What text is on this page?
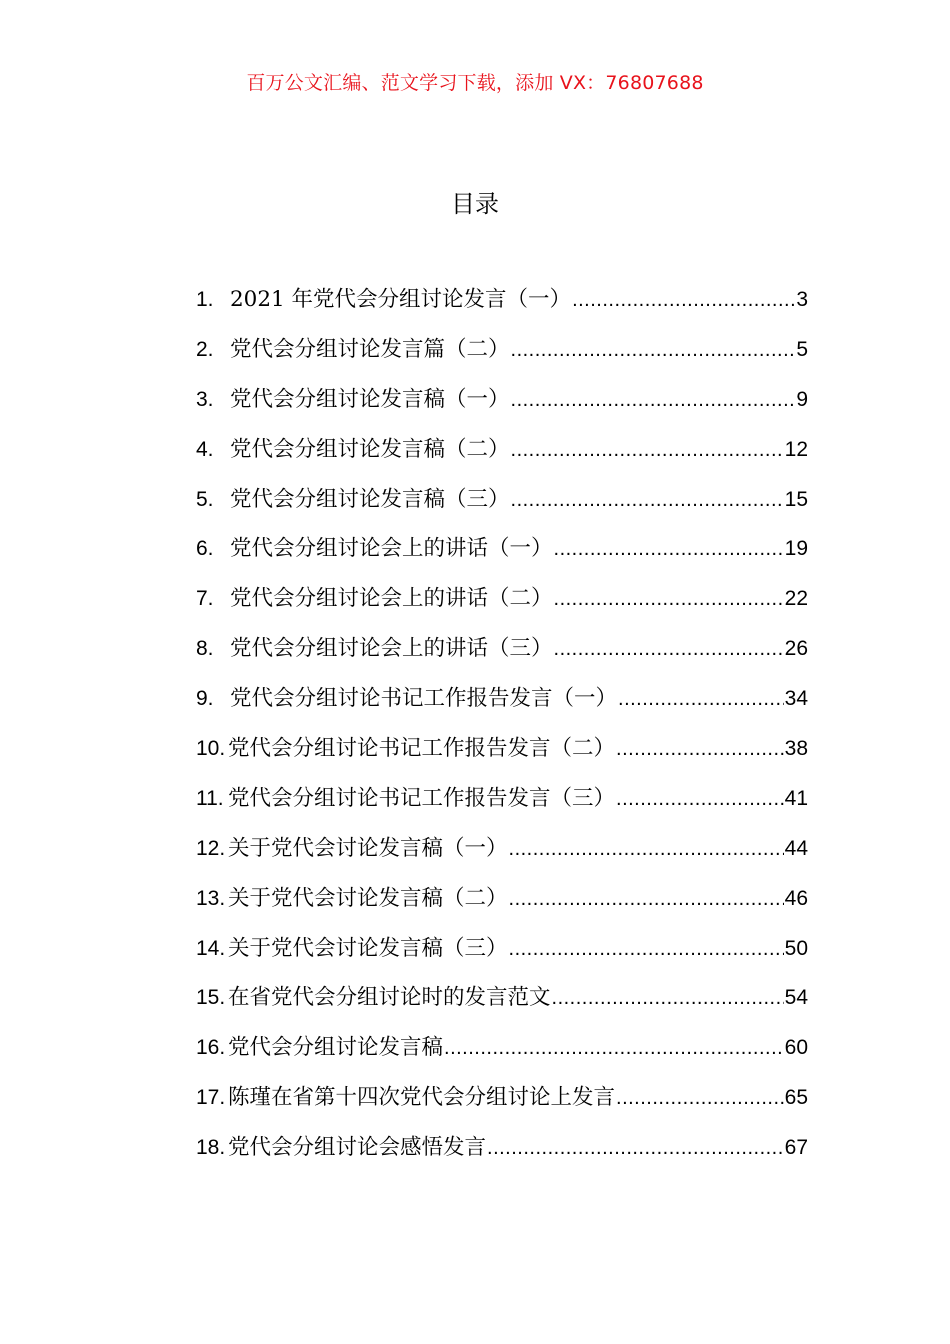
百万公文汇编、范文学习下载，添加 VX：76807688
目录
1. 2021 年党代会分组讨论发言（一） .....	3
2. 党代会分组讨论发言篇（二） .....	5
3. 党代会分组讨论发言稿（一） .....	9
4. 党代会分组讨论发言稿（二） .....	12
5. 党代会分组讨论发言稿（三） .....	15
6. 党代会分组讨论会上的讲话（一） .....	19
7. 党代会分组讨论会上的讲话（二） .....	22
8. 党代会分组讨论会上的讲话（三） .....	26
9. 党代会分组讨论书记工作报告发言（一） .....	34
10. 党代会分组讨论书记工作报告发言（二） .....	38
11. 党代会分组讨论书记工作报告发言（三） .....	41
12. 关于党代会讨论发言稿（一） .....	44
13. 关于党代会讨论发言稿（二） .....	46
14. 关于党代会讨论发言稿（三） .....	50
15. 在省党代会分组讨论时的发言范文 .....	54
16. 党代会分组讨论发言稿 .....	60
17. 陈瑾在省第十四次党代会分组讨论上发言 .....	65
18. 党代会分组讨论会感悟发言 .....	67
